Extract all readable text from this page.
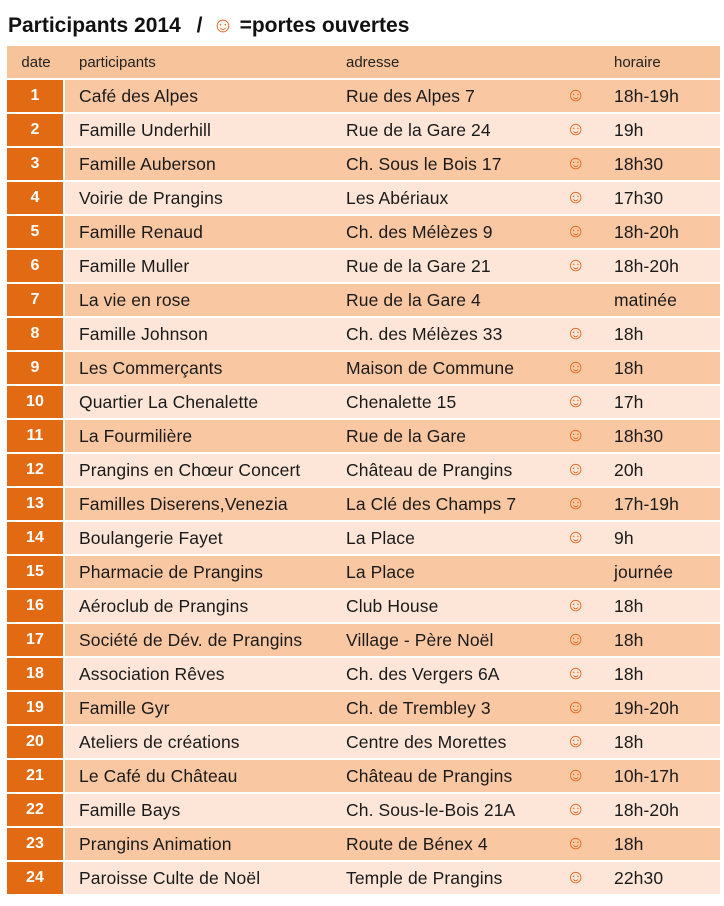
Participants 2014 / ☺ =portes ouvertes
date	participants	adresse		horaire
1	Café des Alpes	Rue des Alpes 7	☺	18h-19h
2	Famille Underhill	Rue de la Gare 24	☺	19h
3	Famille Auberson	Ch. Sous le Bois 17	☺	18h30
4	Voirie de Prangins	Les Abériaux	☺	17h30
5	Famille Renaud	Ch. des Mélèzes 9	☺	18h-20h
6	Famille Muller	Rue de la Gare 21	☺	18h-20h
7	La vie en rose	Rue de la Gare 4		matinée
8	Famille Johnson	Ch. des Mélèzes 33	☺	18h
9	Les Commerçants	Maison de Commune	☺	18h
10	Quartier La Chenalette	Chenalette 15	☺	17h
11	La Fourmilière	Rue de la Gare	☺	18h30
12	Prangins en Chœur Concert	Château de Prangins	☺	20h
13	Familles Diserens,Venezia	La Clé des Champs 7	☺	17h-19h
14	Boulangerie Fayet	La Place	☺	9h
15	Pharmacie de Prangins	La Place		journée
16	Aéroclub de Prangins	Club House	☺	18h
17	Société de Dév. de Prangins	Village - Père Noël	☺	18h
18	Association Rêves	Ch. des Vergers 6A	☺	18h
19	Famille Gyr	Ch. de Trembley 3	☺	19h-20h
20	Ateliers de créations	Centre des Morettes	☺	18h
21	Le Café du Château	Château de Prangins	☺	10h-17h
22	Famille Bays	Ch. Sous-le-Bois 21A	☺	18h-20h
23	Prangins Animation	Route de Bénex 4	☺	18h
24	Paroisse Culte de Noël	Temple de Prangins	☺	22h30
